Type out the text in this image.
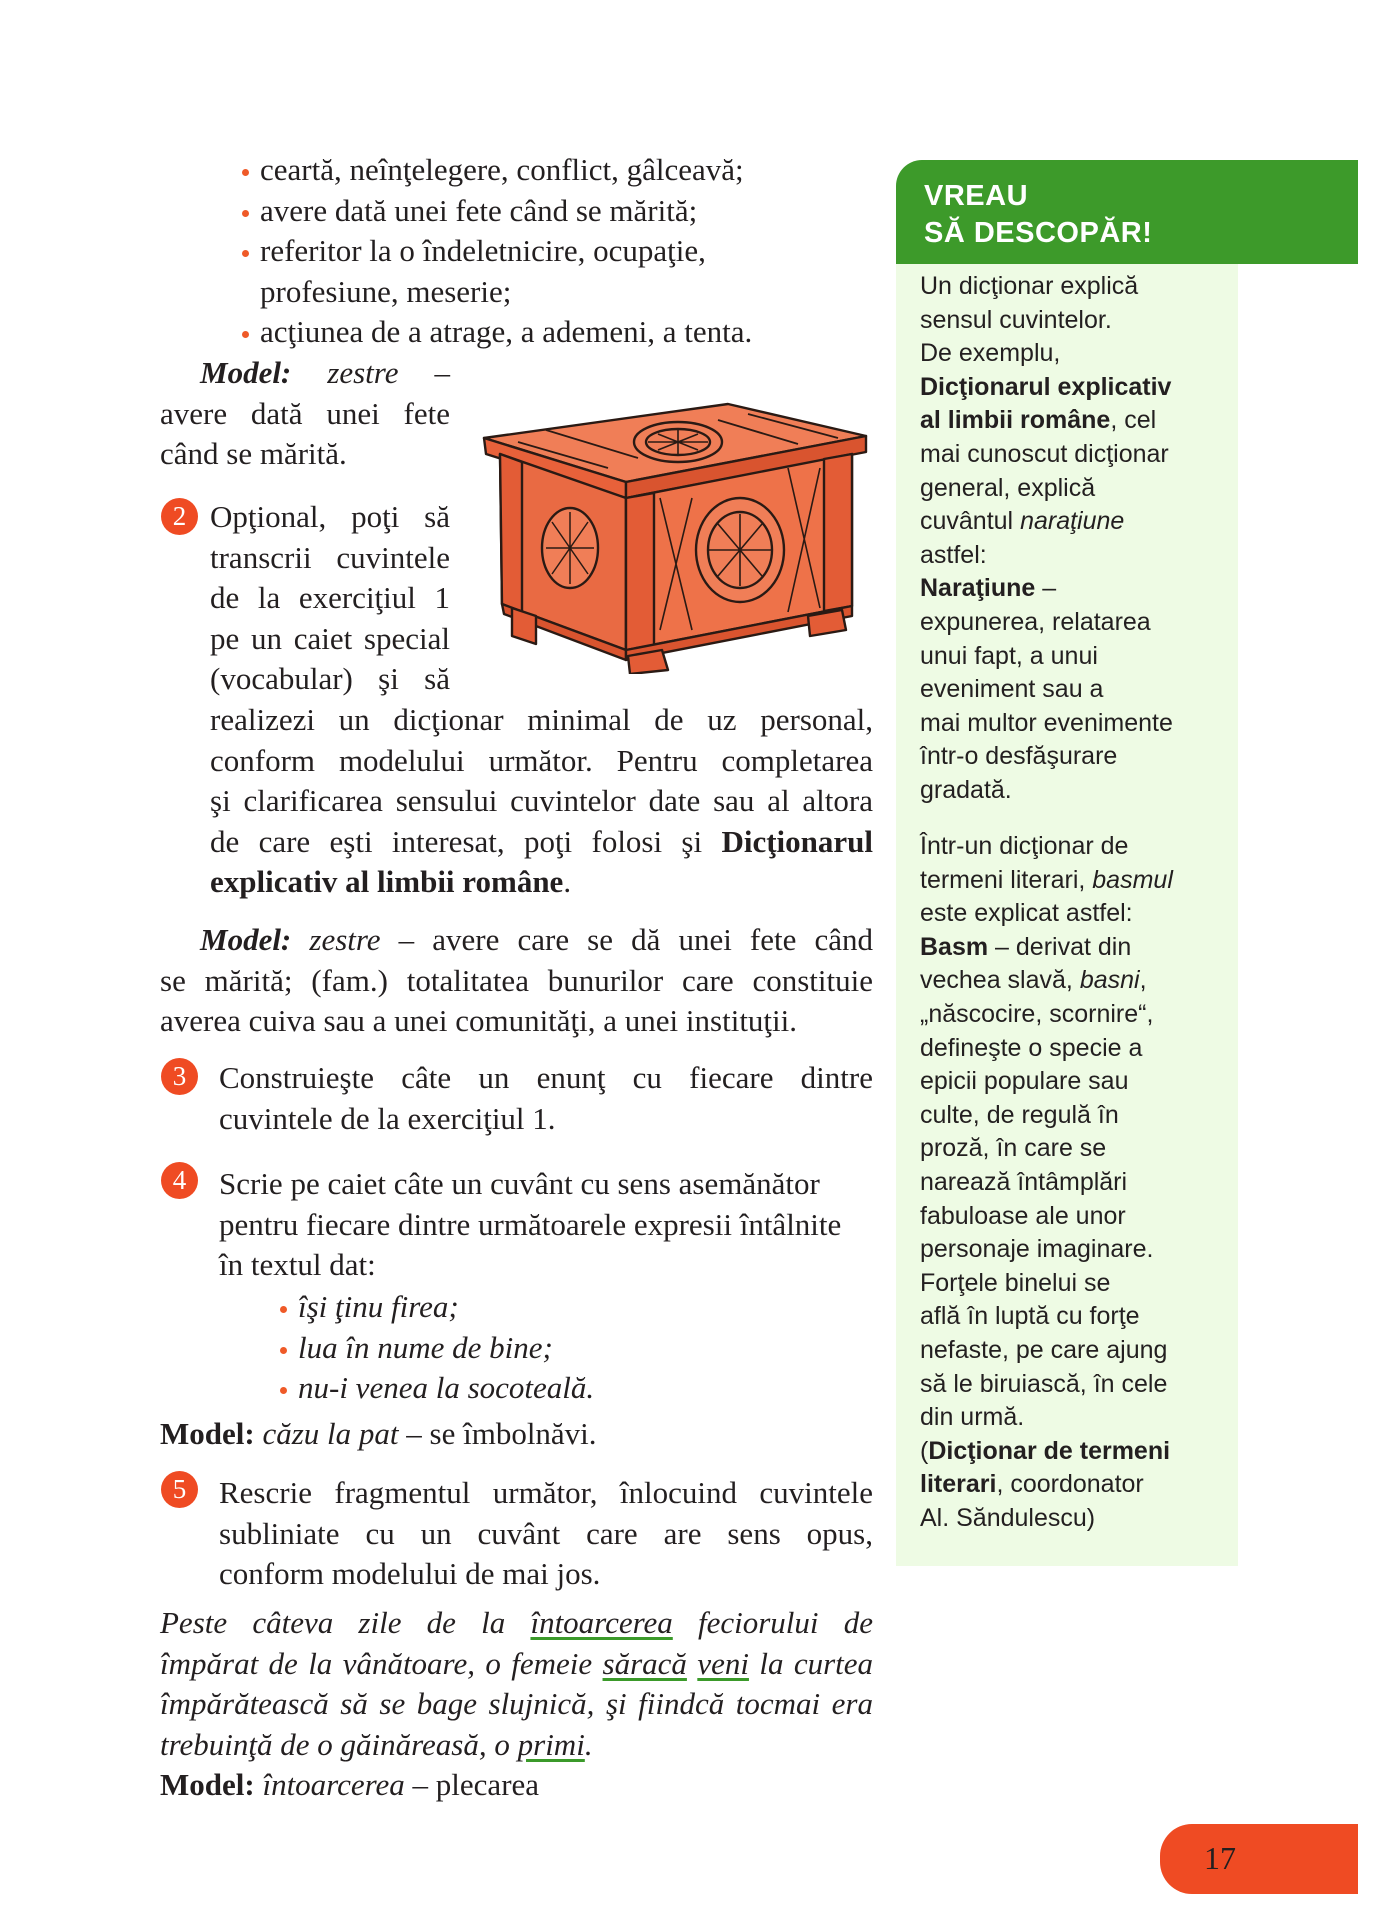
ceartă, neînţelegere, conflict, gâlceavă;
avere dată unei fete când se mărită;
referitor la o îndeletnicire, ocupaţie,
profesiune, meserie;
acţiunea de a atrage, a ademeni, a tenta.
Model: zestre –
avere dată unei fete
când se mărită.
2 Opţional, poţi să
transcrii cuvintele
de la exerciţiul 1
pe un caiet special
(vocabular) şi să
realizezi un dicţionar minimal de uz personal,
conform modelului următor. Pentru completarea
şi clarificarea sensului cuvintelor date sau al altora
de care eşti interesat, poţi folosi şi Dicţionarul
explicativ al limbii române.
Model: zestre – avere care se dă unei fete când
se mărită; (fam.) totalitatea bunurilor care constituie
averea cuiva sau a unei comunităţi, a unei instituţii.
3	Construieşte câte un enunţ cu fiecare dintre
cuvintele de la exerciţiul 1.
4	Scrie pe caiet câte un cuvânt cu sens asemănător
pentru fiecare dintre următoarele expresii întâlnite
în textul dat:
îşi ţinu firea;
lua în nume de bine;
nu-i venea la socoteală.
Model: căzu la pat – se îmbolnăvi.
5	Rescrie fragmentul următor, înlocuind cuvintele
subliniate cu un cuvânt care are sens opus,
conform modelului de mai jos.
Peste câteva zile de la întoarcerea feciorului de
împărat de la vânătoare, o femeie săracă veni la curtea
împărătească să se bage slujnică, şi fiindcă tocmai era
trebuinţă de o găinăreasă, o primi.
Model: întoarcerea – plecarea
Un dicţionar explică
sensul cuvintelor.
De exemplu,
Dicţionarul explicativ
al limbii române, cel
mai cunoscut dicţionar
general, explică
cuvântul naraţiune
astfel:
Naraţiune –
expunerea, relatarea
unui fapt, a unui
eveniment sau a
mai multor evenimente
într-o desfăşurare
gradată.
Într-un dicţionar de
termeni literari, basmul
este explicat astfel:
Basm – derivat din
vechea slavă, basni,
„născocire, scornire“,
defineşte o specie a
epicii populare sau
culte, de regulă în
proză, în care se
narează întâmplări
fabuloase ale unor
personaje imaginare.
Forţele binelui se
află în luptă cu forţe
nefaste, pe care ajung
să le biruiască, în cele
din urmă.
(Dicţionar de termeni
literari, coordonator
Al. Săndulescu)
VREAU
SĂ DESCOPĂR!
17
